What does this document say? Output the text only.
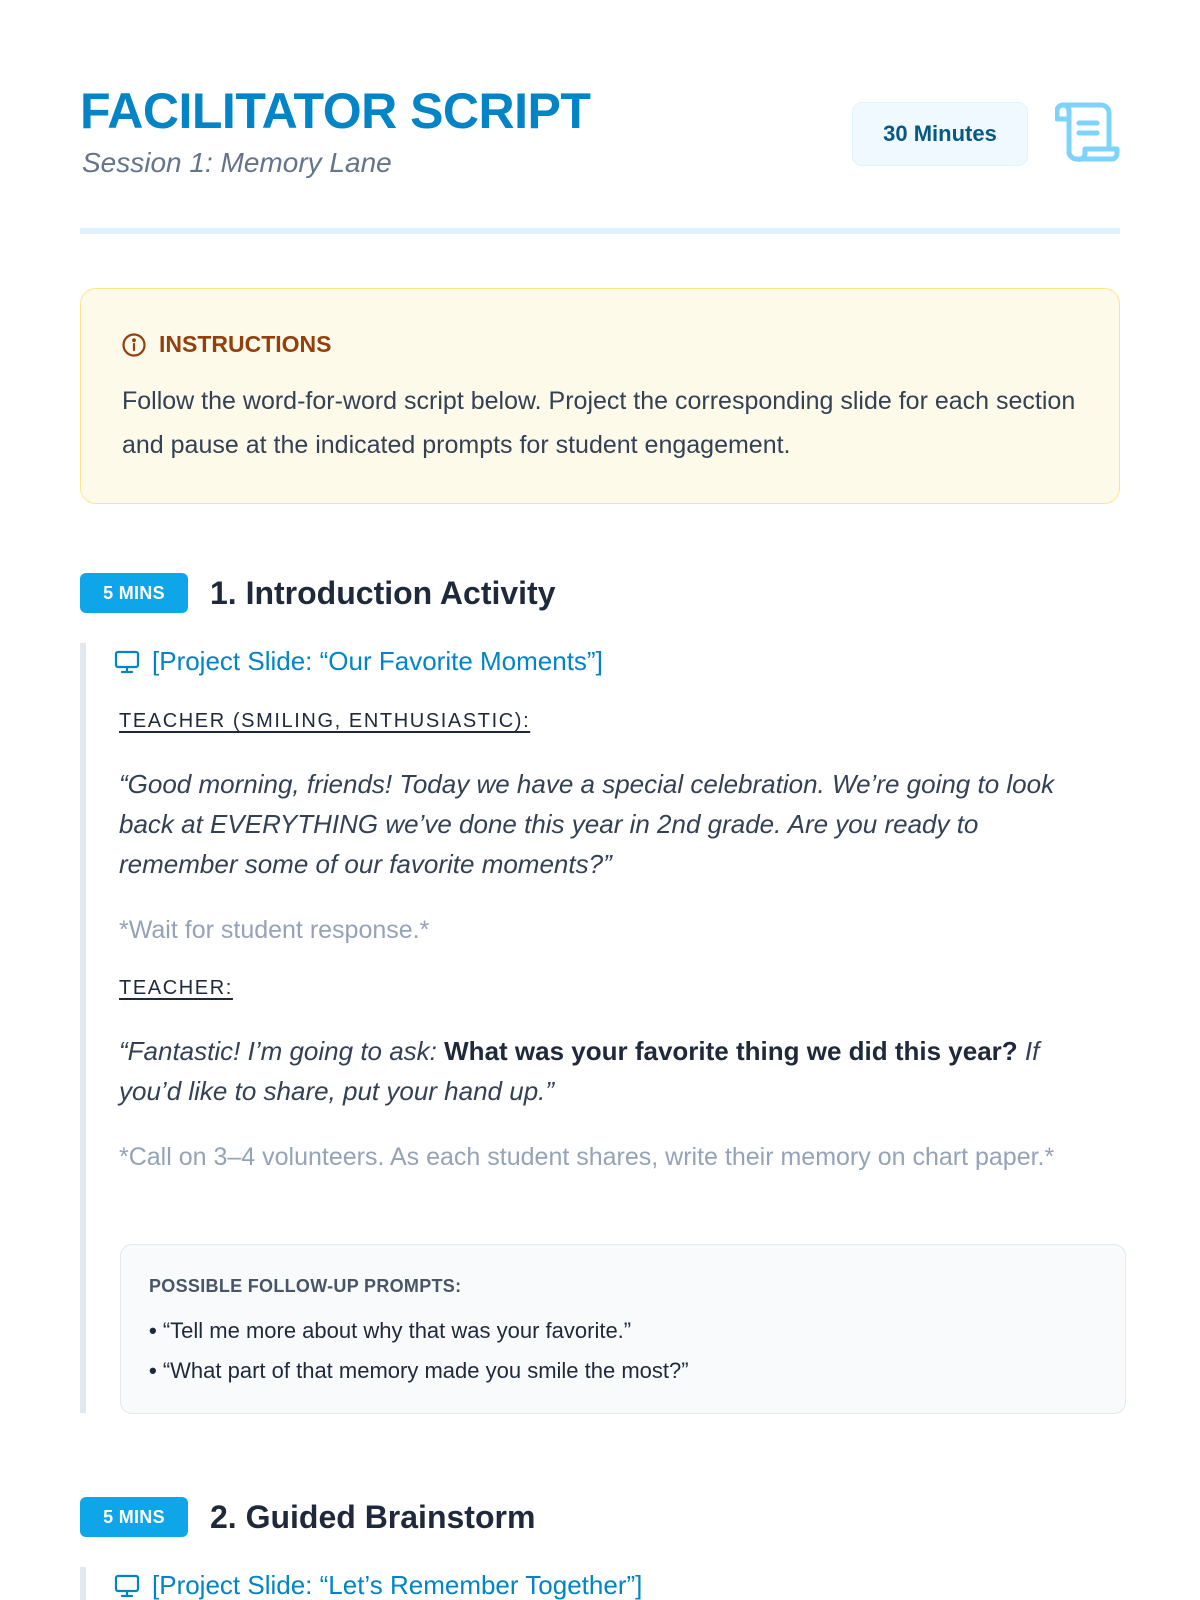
FACILITATOR SCRIPT
Session 1: Memory Lane
30 Minutes
INSTRUCTIONS
Follow the word-for-word script below. Project the corresponding slide for each section and pause at the indicated prompts for student engagement.
5 MINS	1. Introduction Activity
[Project Slide: “Our Favorite Moments”]
TEACHER (SMILING, ENTHUSIASTIC):
“Good morning, friends! Today we have a special celebration. We’re going to look back at EVERYTHING we’ve done this year in 2nd grade. Are you ready to remember some of our favorite moments?”
*Wait for student response.*
TEACHER:
“Fantastic! I’m going to ask: What was your favorite thing we did this year? If you’d like to share, put your hand up.”
*Call on 3–4 volunteers. As each student shares, write their memory on chart paper.*
POSSIBLE FOLLOW-UP PROMPTS:
• “Tell me more about why that was your favorite.”
• “What part of that memory made you smile the most?”
5 MINS	2. Guided Brainstorm
[Project Slide: “Let’s Remember Together”]
